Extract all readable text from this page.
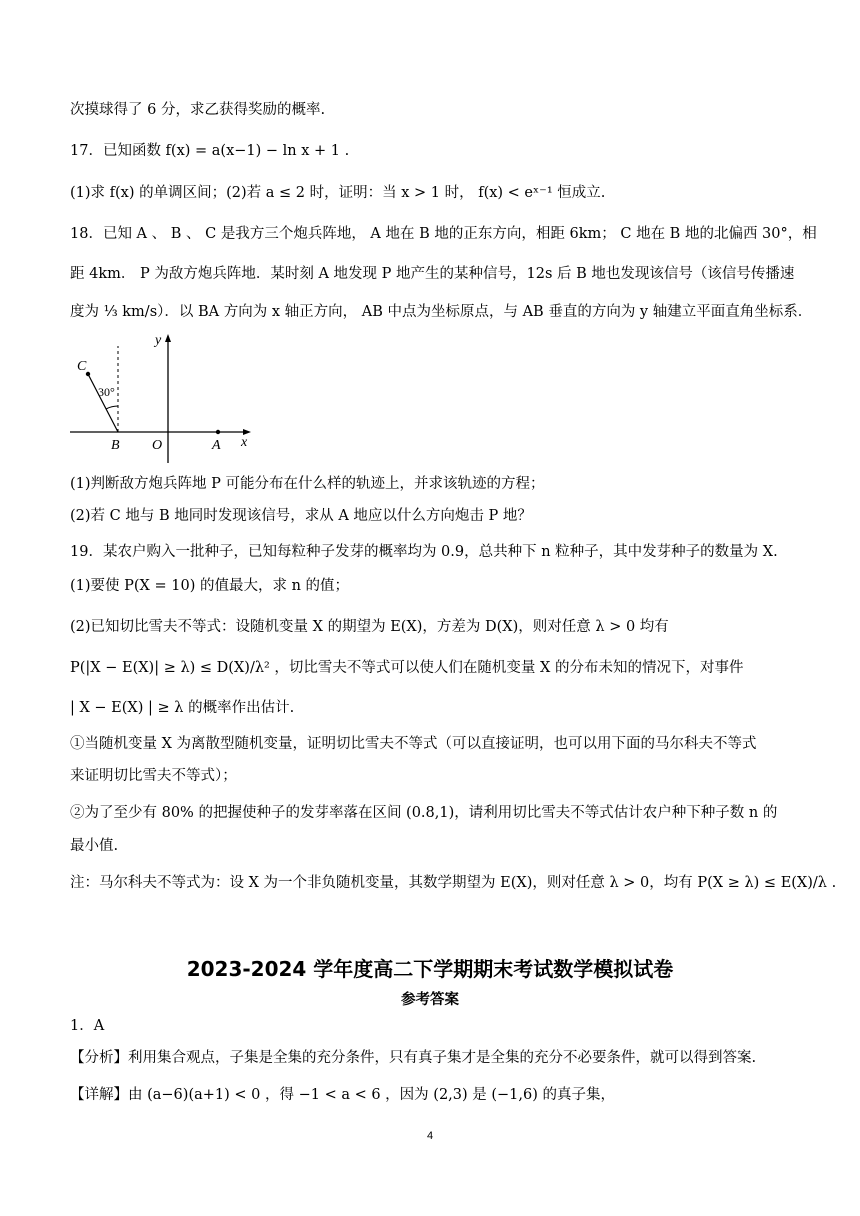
次摸球得了 6 分，求乙获得奖励的概率.
17．已知函数 f(x) = a(x−1) − ln x + 1 .
(1)求 f(x) 的单调区间；(2)若 a ≤ 2 时，证明：当 x > 1 时， f(x) < eˣ⁻¹ 恒成立.
18．已知 A 、 B 、 C 是我方三个炮兵阵地， A 地在 B 地的正东方向，相距 6km； C 地在 B 地的北偏西 30°，相
距 4km． P 为敌方炮兵阵地．某时刻 A 地发现 P 地产生的某种信号，12s 后 B 地也发现该信号（该信号传播速
度为 ⅓ km/s）．以 BA 方向为 x 轴正方向， AB 中点为坐标原点，与 AB 垂直的方向为 y 轴建立平面直角坐标系．
C
30°
B O	A x
y
(1)判断敌方炮兵阵地 P 可能分布在什么样的轨迹上，并求该轨迹的方程；
(2)若 C 地与 B 地同时发现该信号，求从 A 地应以什么方向炮击 P 地？
19．某农户购入一批种子，已知每粒种子发芽的概率均为 0.9，总共种下 n 粒种子，其中发芽种子的数量为 X.
(1)要使 P(X = 10) 的值最大，求 n 的值；
(2)已知切比雪夫不等式：设随机变量 X 的期望为 E(X)，方差为 D(X)，则对任意 λ > 0 均有
P(|X − E(X)| ≥ λ) ≤ D(X)/λ² ，切比雪夫不等式可以使人们在随机变量 X 的分布未知的情况下，对事件
| X − E(X) | ≥ λ 的概率作出估计.
①当随机变量 X 为离散型随机变量，证明切比雪夫不等式（可以直接证明，也可以用下面的马尔科夫不等式
来证明切比雪夫不等式）；
②为了至少有 80% 的把握使种子的发芽率落在区间 (0.8,1)，请利用切比雪夫不等式估计农户种下种子数 n 的
最小值.
注：马尔科夫不等式为：设 X 为一个非负随机变量，其数学期望为 E(X)，则对任意 λ > 0，均有 P(X ≥ λ) ≤ E(X)/λ .
2023-2024 学年度高二下学期期末考试数学模拟试卷
参考答案
1．A
【分析】利用集合观点，子集是全集的充分条件，只有真子集才是全集的充分不必要条件，就可以得到答案.
【详解】由 (a−6)(a+1) < 0 ，得 −1 < a < 6 ，因为 (2,3) 是 (−1,6) 的真子集，
4
